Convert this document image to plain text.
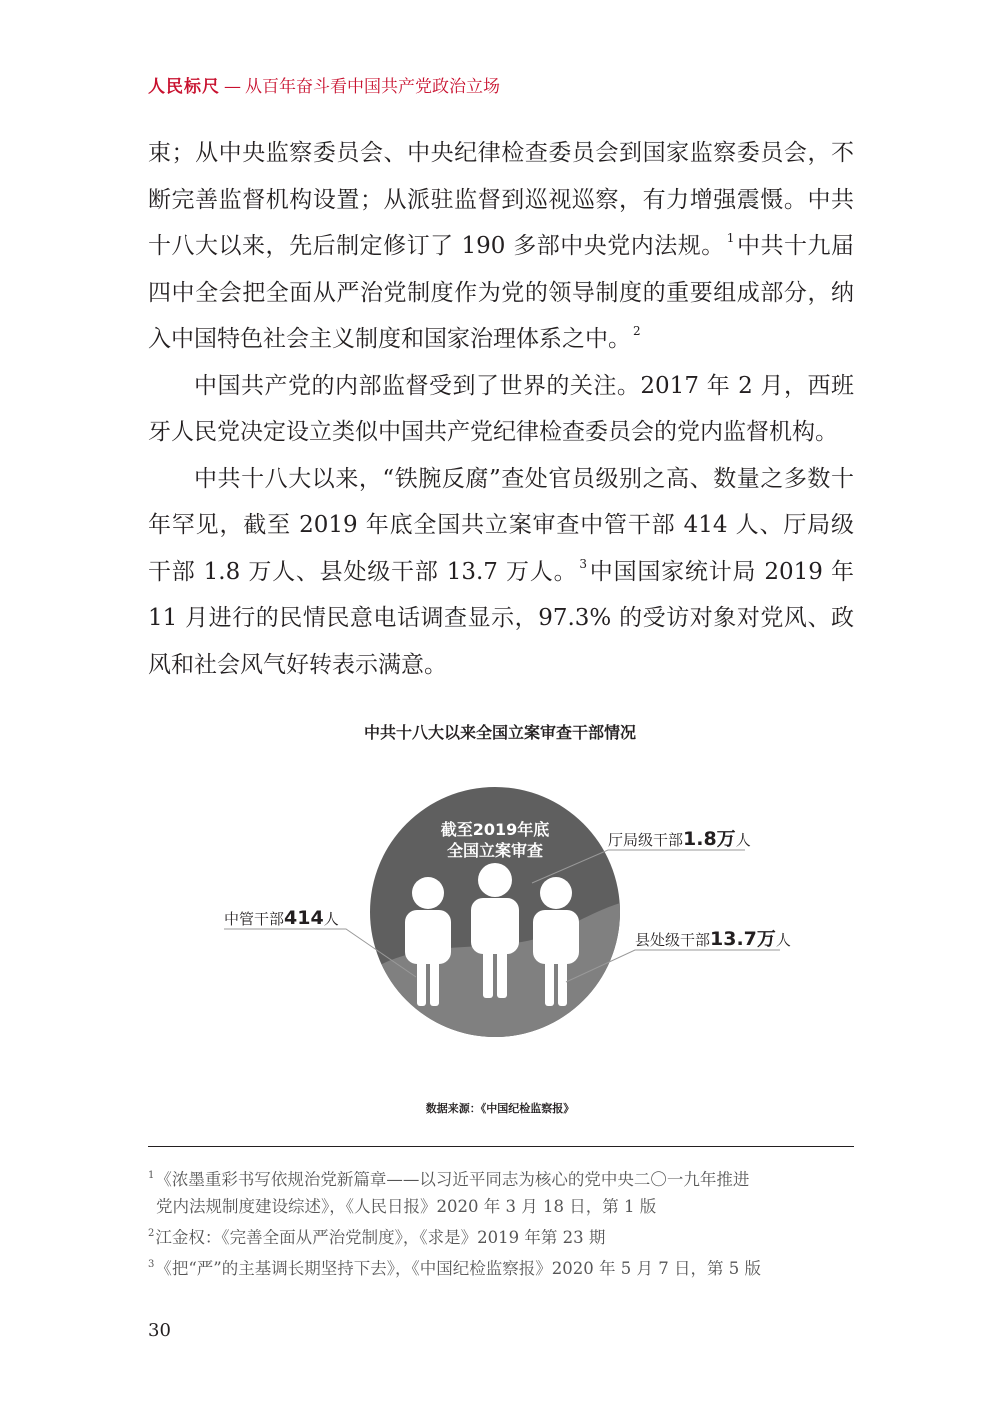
人民标尺 — 从百年奋斗看中国共产党政治立场

束；从中央监察委员会、中央纪律检查委员会到国家监察委员会，不断完善监督机构设置；从派驻监督到巡视巡察，有力增强震慑。中共十八大以来，先后制定修订了 190 多部中央党内法规。 $^1$中共十九届四中全会把全面从严治党制度作为党的领导制度的重要组成部分，纳入中国特色社会主义制度和国家治理体系之中。 $^2$

中国共产党的内部监督受到了世界的关注。2017 年 2 月，西班牙人民党决定设立类似中国共产党纪律检查委员会的党内监督机构。

中共十八大以来，“铁腕反腐”查处官员级别之高、数量之多数十年罕见，截至 2019 年底全国共立案审查中管干部 414 人、厅局级干部 1.8 万人、县处级干部 13.7 万人。 $^3$中国国家统计局 2019 年 11 月进行的民情民意电话调查显示，97.3% 的受访对象对党风、政风和社会风气好转表示满意。

中共十八大以来全国立案审查干部情况
截至2019年底
全国立案审查
中管干部414人
厅局级干部1.8万人
县处级干部13.7万人
数据来源：《中国纪检监察报》
$^1$《浓墨重彩书写依规治党新篇章——以习近平同志为核心的党中央二〇一九年推进
党内法规制度建设综述》，《人民日报》2020 年 3 月 18 日，第 1 版
$^2$江金权：《完善全面从严治党制度》，《求是》2019 年第 23 期
$^3$《把“严”的主基调长期坚持下去》，《中国纪检监察报》2020 年 5 月 7 日，第 5 版
30
